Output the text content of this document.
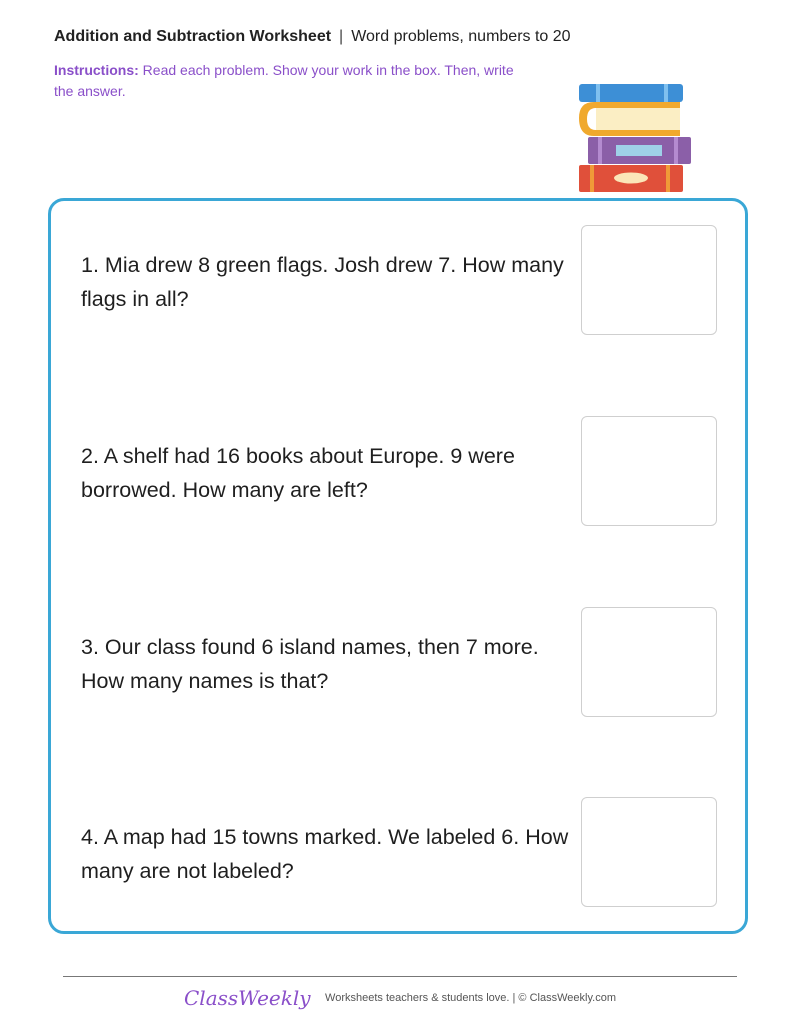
Addition and Subtraction Worksheet | Word problems, numbers to 20
Instructions: Read each problem. Show your work in the box. Then, write the answer.
1. Mia drew 8 green flags. Josh drew 7. How many flags in all?
2. A shelf had 16 books about Europe. 9 were borrowed. How many are left?
3. Our class found 6 island names, then 7 more. How many names is that?
4. A map had 15 towns marked. We labeled 6. How many are not labeled?
ClassWeekly Worksheets teachers & students love. | © ClassWeekly.com
